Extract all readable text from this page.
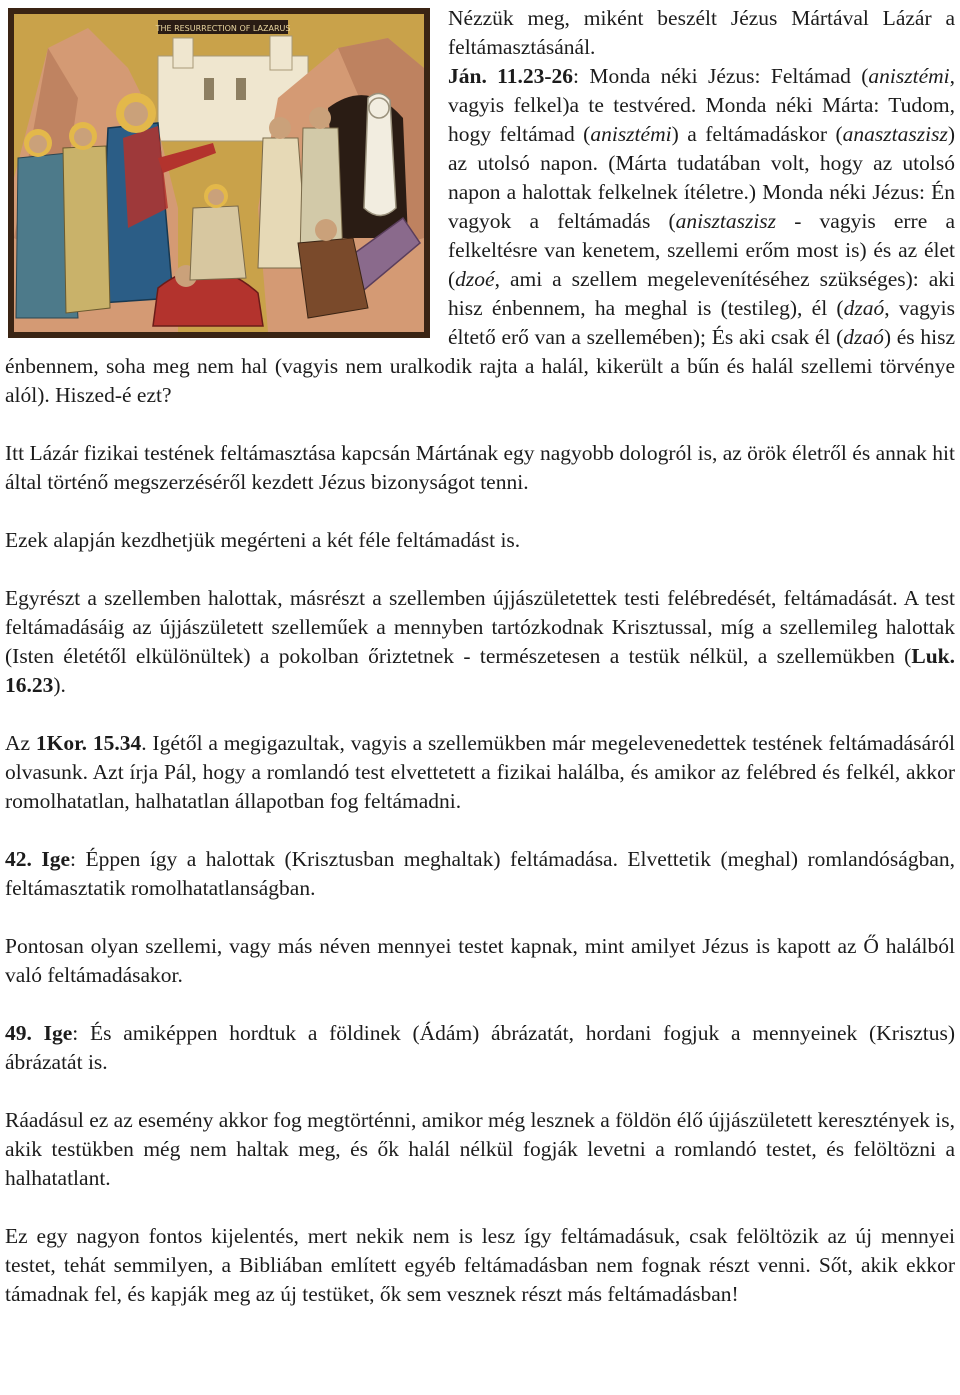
THE RESURRECTION OF LAZARUS	Nézzük meg, miként beszélt Jézus Mártával Lázár a feltámasztásánál.
Ján. 11.23-26: Monda néki Jézus: Feltámad (anisztémi, vagyis felkel)a te testvéred. Monda néki Márta: Tudom, hogy feltámad (anisztémi) a feltámadáskor (anasztaszisz) az utolsó napon. (Márta tudatában volt, hogy az utolsó napon a halottak felkelnek ítéletre.) Monda néki Jézus: Én vagyok a feltámadás (anisztaszisz - vagyis erre a felkeltésre van kenetem, szellemi erőm most is) és az élet (dzoé, ami a szellem megelevenítéséhez szükséges): aki hisz énbennem, ha meghal is (testileg), él (dzaó, vagyis éltető erő van a szellemében); És aki csak él (dzaó) és hisz énbennem, soha meg nem hal (vagyis nem uralkodik rajta a halál, kikerült a bűn és halál szellemi törvénye alól). Hiszed-é ezt?

Itt Lázár fizikai testének feltámasztása kapcsán Mártának egy nagyobb dologról is, az örök életről és annak hit által történő megszerzéséről kezdett Jézus bizonyságot tenni.

Ezek alapján kezdhetjük megérteni a két féle feltámadást is.

Egyrészt a szellemben halottak, másrészt a szellemben újjászületettek testi felébredését, feltámadását. A test feltámadásáig az újjászületett szelleműek a mennyben tartózkodnak Krisztussal, míg a szellemileg halottak (Isten életétől elkülönültek) a pokolban őriztetnek - természetesen a testük nélkül, a szellemükben (Luk. 16.23).

Az 1Kor. 15.34. Igétől a megigazultak, vagyis a szellemükben már megelevenedettek testének feltámadásáról olvasunk. Azt írja Pál, hogy a romlandó test elvettetett a fizikai halálba, és amikor az felébred és felkél, akkor romolhatatlan, halhatatlan állapotban fog feltámadni.

42. Ige: Éppen így a halottak (Krisztusban meghaltak) feltámadása. Elvettetik (meghal) romlandóságban, feltámasztatik romolhatatlanságban.

Pontosan olyan szellemi, vagy más néven mennyei testet kapnak, mint amilyet Jézus is kapott az Ő halálból való feltámadásakor.

49. Ige: És amiképpen hordtuk a földinek (Ádám) ábrázatát, hordani fogjuk a mennyeinek (Krisztus) ábrázatát is.

Ráadásul ez az esemény akkor fog megtörténni, amikor még lesznek a földön élő újjászületett keresztények is, akik testükben még nem haltak meg, és ők halál nélkül fogják levetni a romlandó testet, és felöltözni a halhatatlant.

Ez egy nagyon fontos kijelentés, mert nekik nem is lesz így feltámadásuk, csak felöltözik az új mennyei testet, tehát semmilyen, a Bibliában említett egyéb feltámadásban nem fognak részt venni. Sőt, akik ekkor támadnak fel, és kapják meg az új testüket, ők sem vesznek részt más feltámadásban!
